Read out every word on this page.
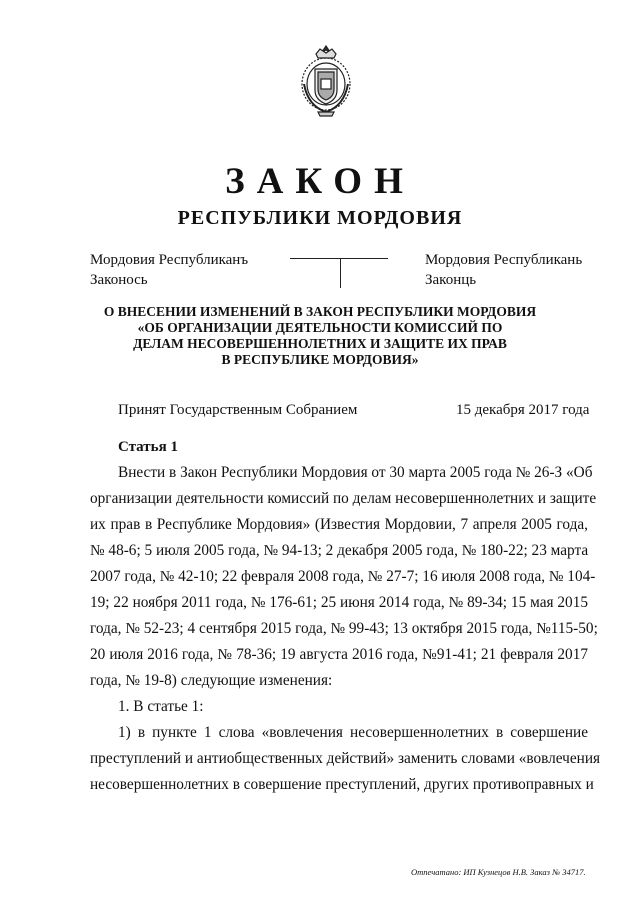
ЗАКОН
РЕСПУБЛИКИ МОРДОВИЯ
Мордовия Республиканъ
Законось
Мордовия Республикань
Законць
О ВНЕСЕНИИ ИЗМЕНЕНИЙ В ЗАКОН РЕСПУБЛИКИ МОРДОВИЯ
«ОБ ОРГАНИЗАЦИИ ДЕЯТЕЛЬНОСТИ КОМИССИЙ ПО
ДЕЛАМ НЕСОВЕРШЕННОЛЕТНИХ И ЗАЩИТЕ ИХ ПРАВ
В РЕСПУБЛИКЕ МОРДОВИЯ»
Принят Государственным Собранием	15 декабря 2017 года
Статья 1
Внести в Закон Республики Мордовия от 30 марта 2005 года № 26-З «Об
организации деятельности комиссий по делам несовершеннолетних и защите
их прав в Республике Мордовия» (Известия Мордовии, 7 апреля 2005 года,
№ 48-6; 5 июля 2005 года, № 94-13; 2 декабря 2005 года, № 180-22; 23 марта
2007 года, № 42-10; 22 февраля 2008 года, № 27-7; 16 июля 2008 года, № 104-
19; 22 ноября 2011 года, № 176-61; 25 июня 2014 года, № 89-34; 15 мая 2015
года, № 52-23; 4 сентября 2015 года, № 99-43; 13 октября 2015 года, №115-50;
20 июля 2016 года, № 78-36; 19 августа 2016 года, №91-41; 21 февраля 2017
года, № 19-8) следующие изменения:
1. В статье 1:
1) в пункте 1 слова «вовлечения несовершеннолетних в совершение
преступлений и антиобщественных действий» заменить словами «вовлечения
несовершеннолетних в совершение преступлений, других противоправных и
Отпечатано: ИП Кузнецов Н.В. Заказ № 34717.
